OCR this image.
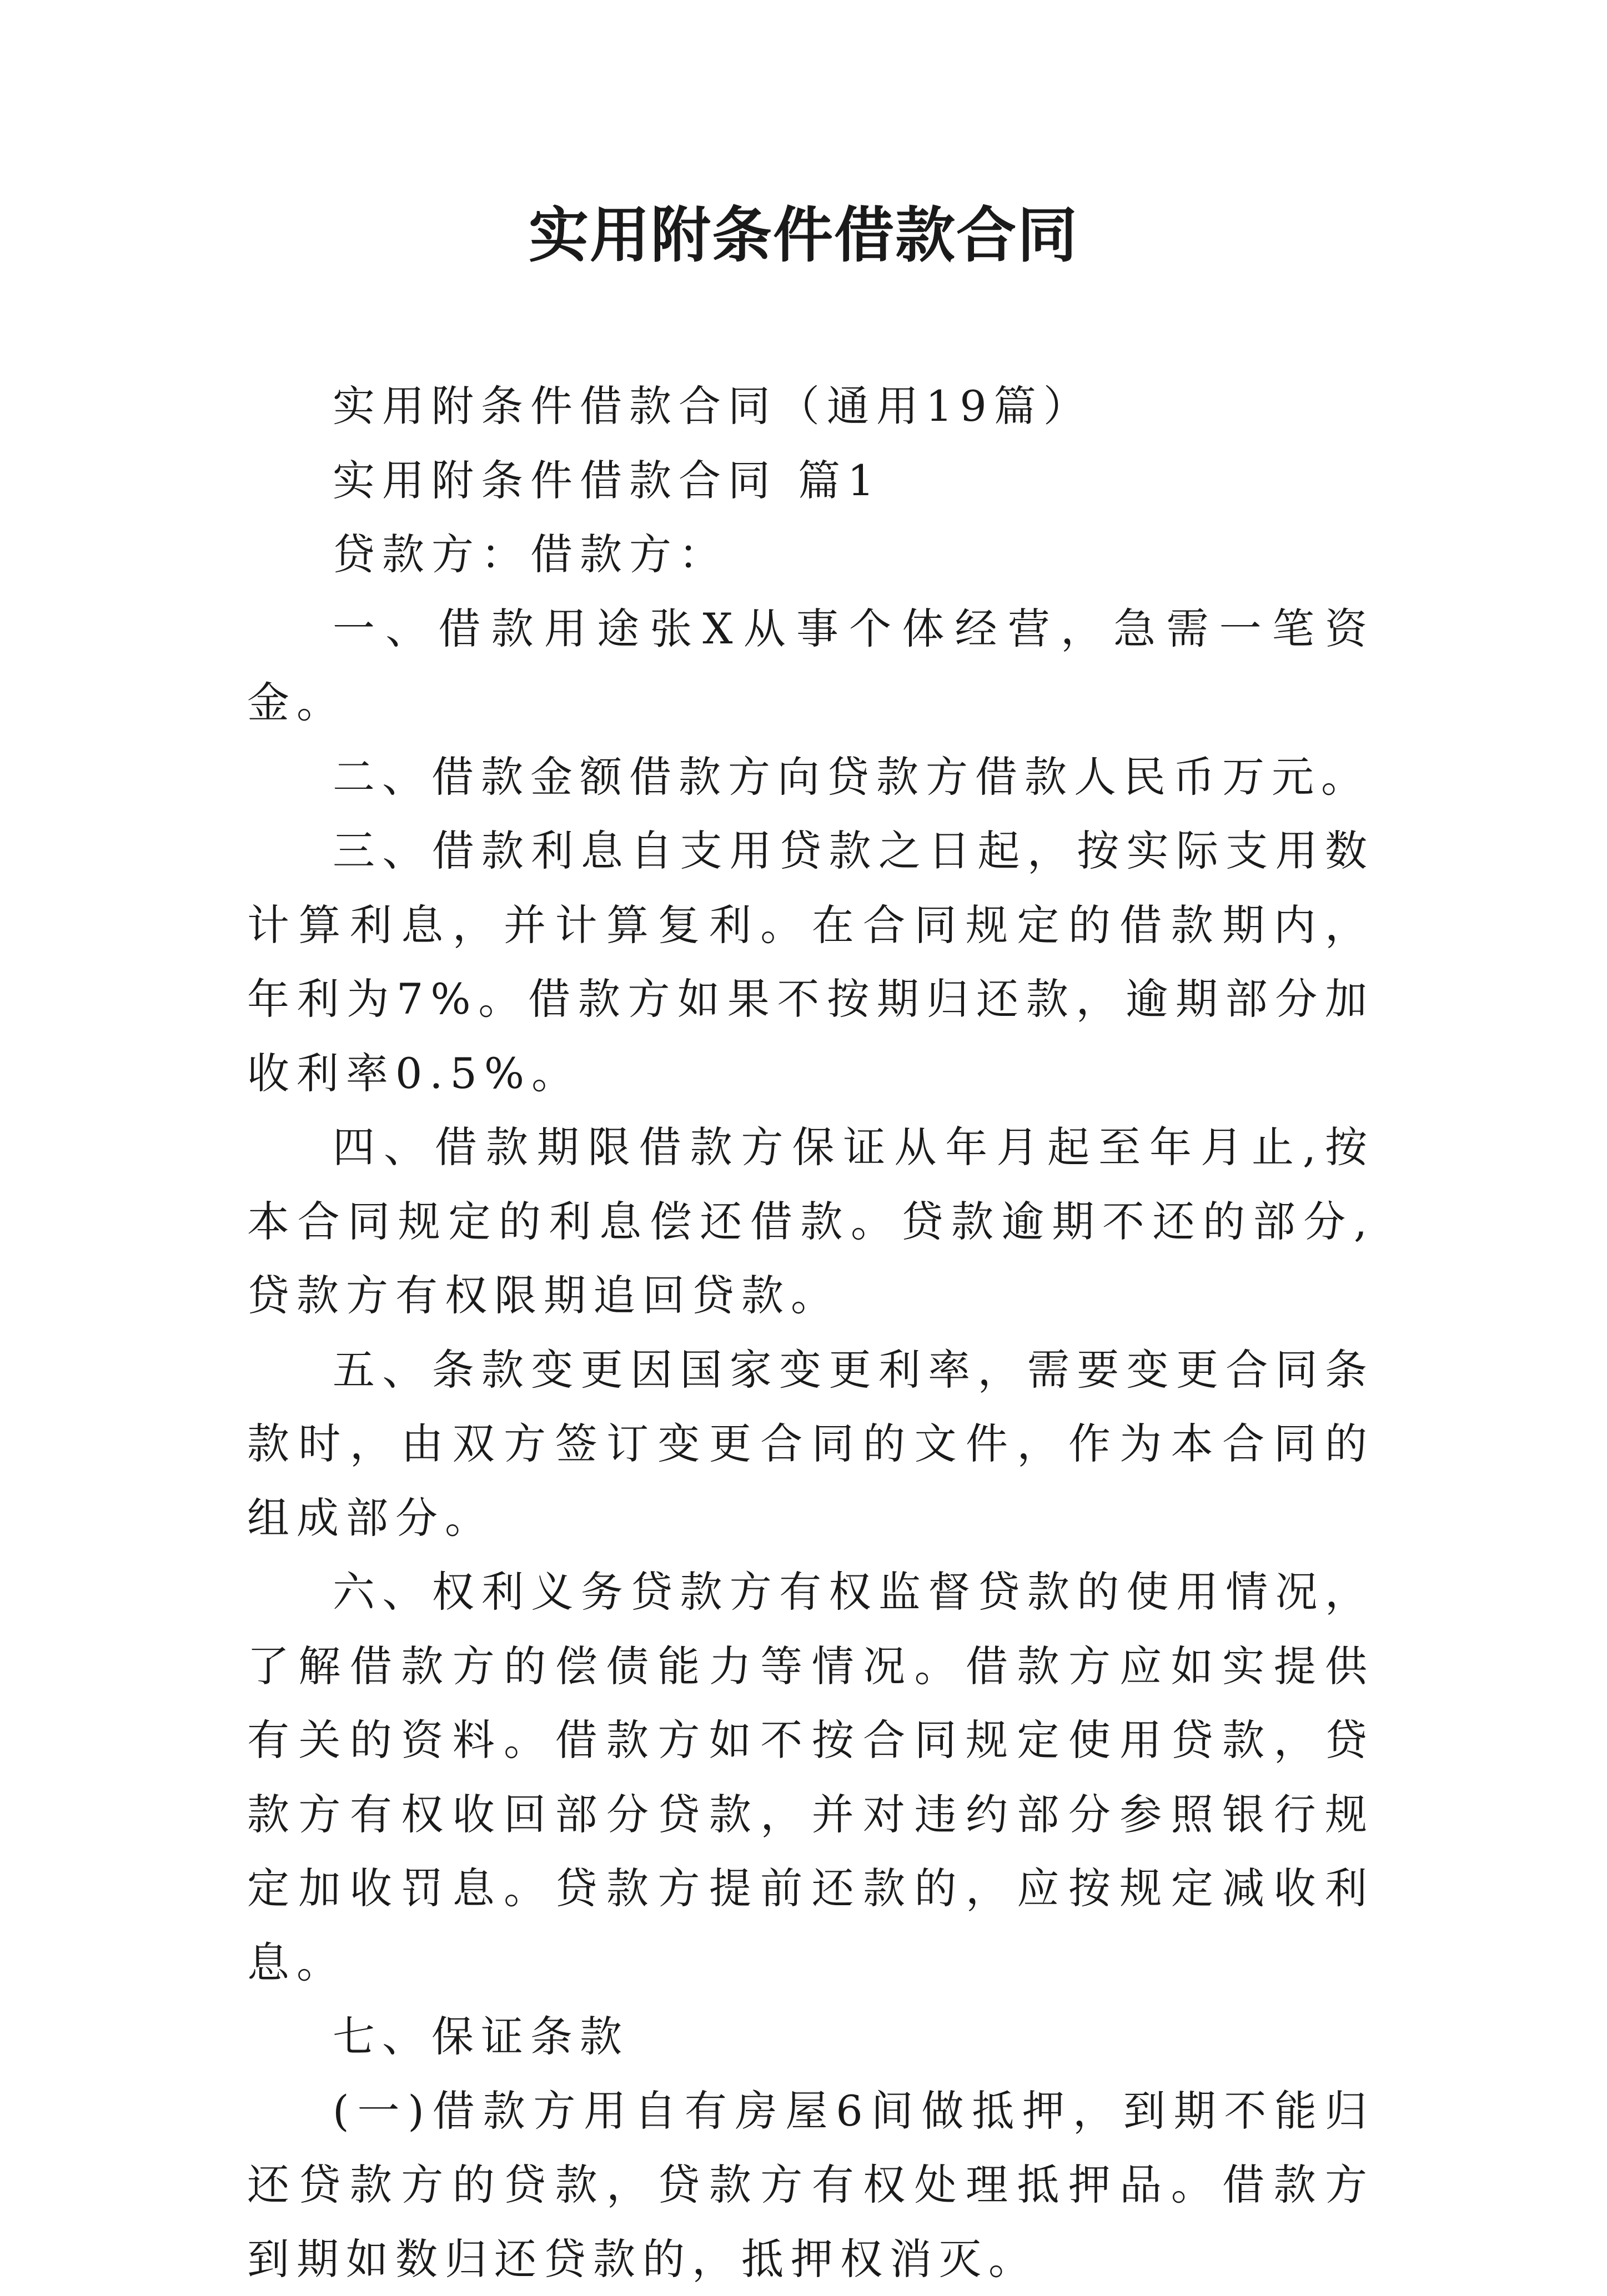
实用附条件借款合同

实用附条件借款合同（通用19篇）

实用附条件借款合同 篇1

贷款方：借款方：

一、借款用途张X从事个体经营，急需一笔资金。

二、借款金额借款方向贷款方借款人民币万元。

三、借款利息自支用贷款之日起，按实际支用数计算利息，并计算复利。在合同规定的借款期内，年利为7%。借款方如果不按期归还款，逾期部分加收利率0.5%。

四、借款期限借款方保证从年月起至年月止,按本合同规定的利息偿还借款。贷款逾期不还的部分,贷款方有权限期追回贷款。

五、条款变更因国家变更利率，需要变更合同条款时，由双方签订变更合同的文件，作为本合同的组成部分。

六、权利义务贷款方有权监督贷款的使用情况，了解借款方的偿债能力等情况。借款方应如实提供有关的资料。借款方如不按合同规定使用贷款，贷款方有权收回部分贷款，并对违约部分参照银行规定加收罚息。贷款方提前还款的，应按规定减收利息。

七、保证条款

(一)借款方用自有房屋6间做抵押，到期不能归还贷款方的贷款，贷款方有权处理抵押品。借款方到期如数归还贷款的，抵押权消灭。
